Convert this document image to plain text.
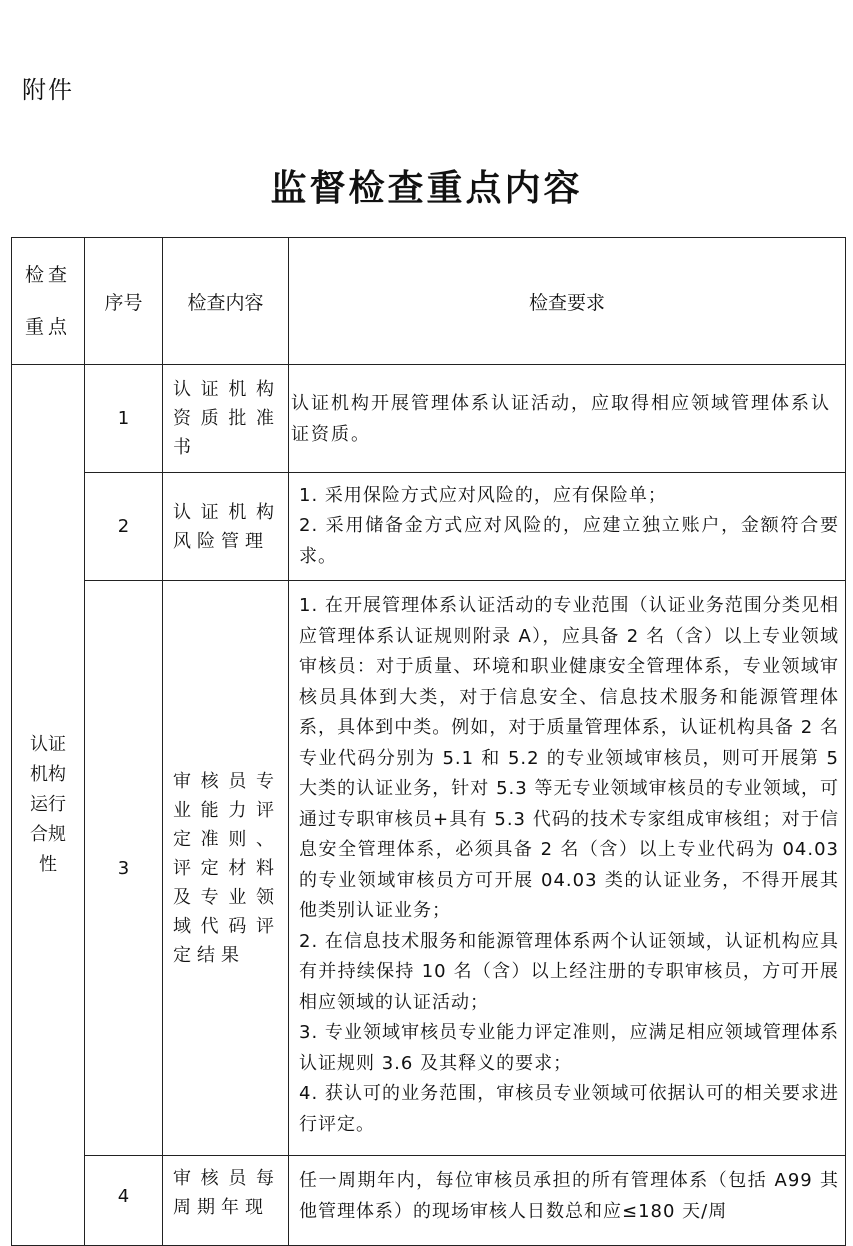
附件
监督检查重点内容
检查
重点	序号	检查内容	检查要求

认证
机构
运行
合规
性	1	认证机构资质批准书	认证机构开展管理体系认证活动，应取得相应领域管理体系认证资质。
	2	认证机构风险管理	1. 采用保险方式应对风险的，应有保险单；

2. 采用储备金方式应对风险的，应建立独立账户，金额符合要求。

	3	审核员专业能力评定准则、评定材料及专业领域代码评定结果	1. 在开展管理体系认证活动的专业范围（认证业务范围分类见相应管理体系认证规则附录 A），应具备 2 名（含）以上专业领域审核员：对于质量、环境和职业健康安全管理体系，专业领域审核员具体到大类，对于信息安全、信息技术服务和能源管理体系，具体到中类。例如，对于质量管理体系，认证机构具备 2 名专业代码分别为 5.1 和 5.2 的专业领域审核员，则可开展第 5 大类的认证业务，针对 5.3 等无专业领域审核员的专业领域，可通过专职审核员+具有 5.3 代码的技术专家组成审核组；对于信息安全管理体系，必须具备 2 名（含）以上专业代码为 04.03 的专业领域审核员方可开展 04.03 类的认证业务，不得开展其他类别认证业务；

2. 在信息技术服务和能源管理体系两个认证领域，认证机构应具有并持续保持 10 名（含）以上经注册的专职审核员，方可开展相应领域的认证活动；

3. 专业领域审核员专业能力评定准则，应满足相应领域管理体系认证规则 3.6 及其释义的要求；

4. 获认可的业务范围，审核员专业领域可依据认可的相关要求进行评定。

	4	审核员每周期年现	任一周期年内，每位审核员承担的所有管理体系（包括 A99 其他管理体系）的现场审核人日数总和应≤180 天/周
